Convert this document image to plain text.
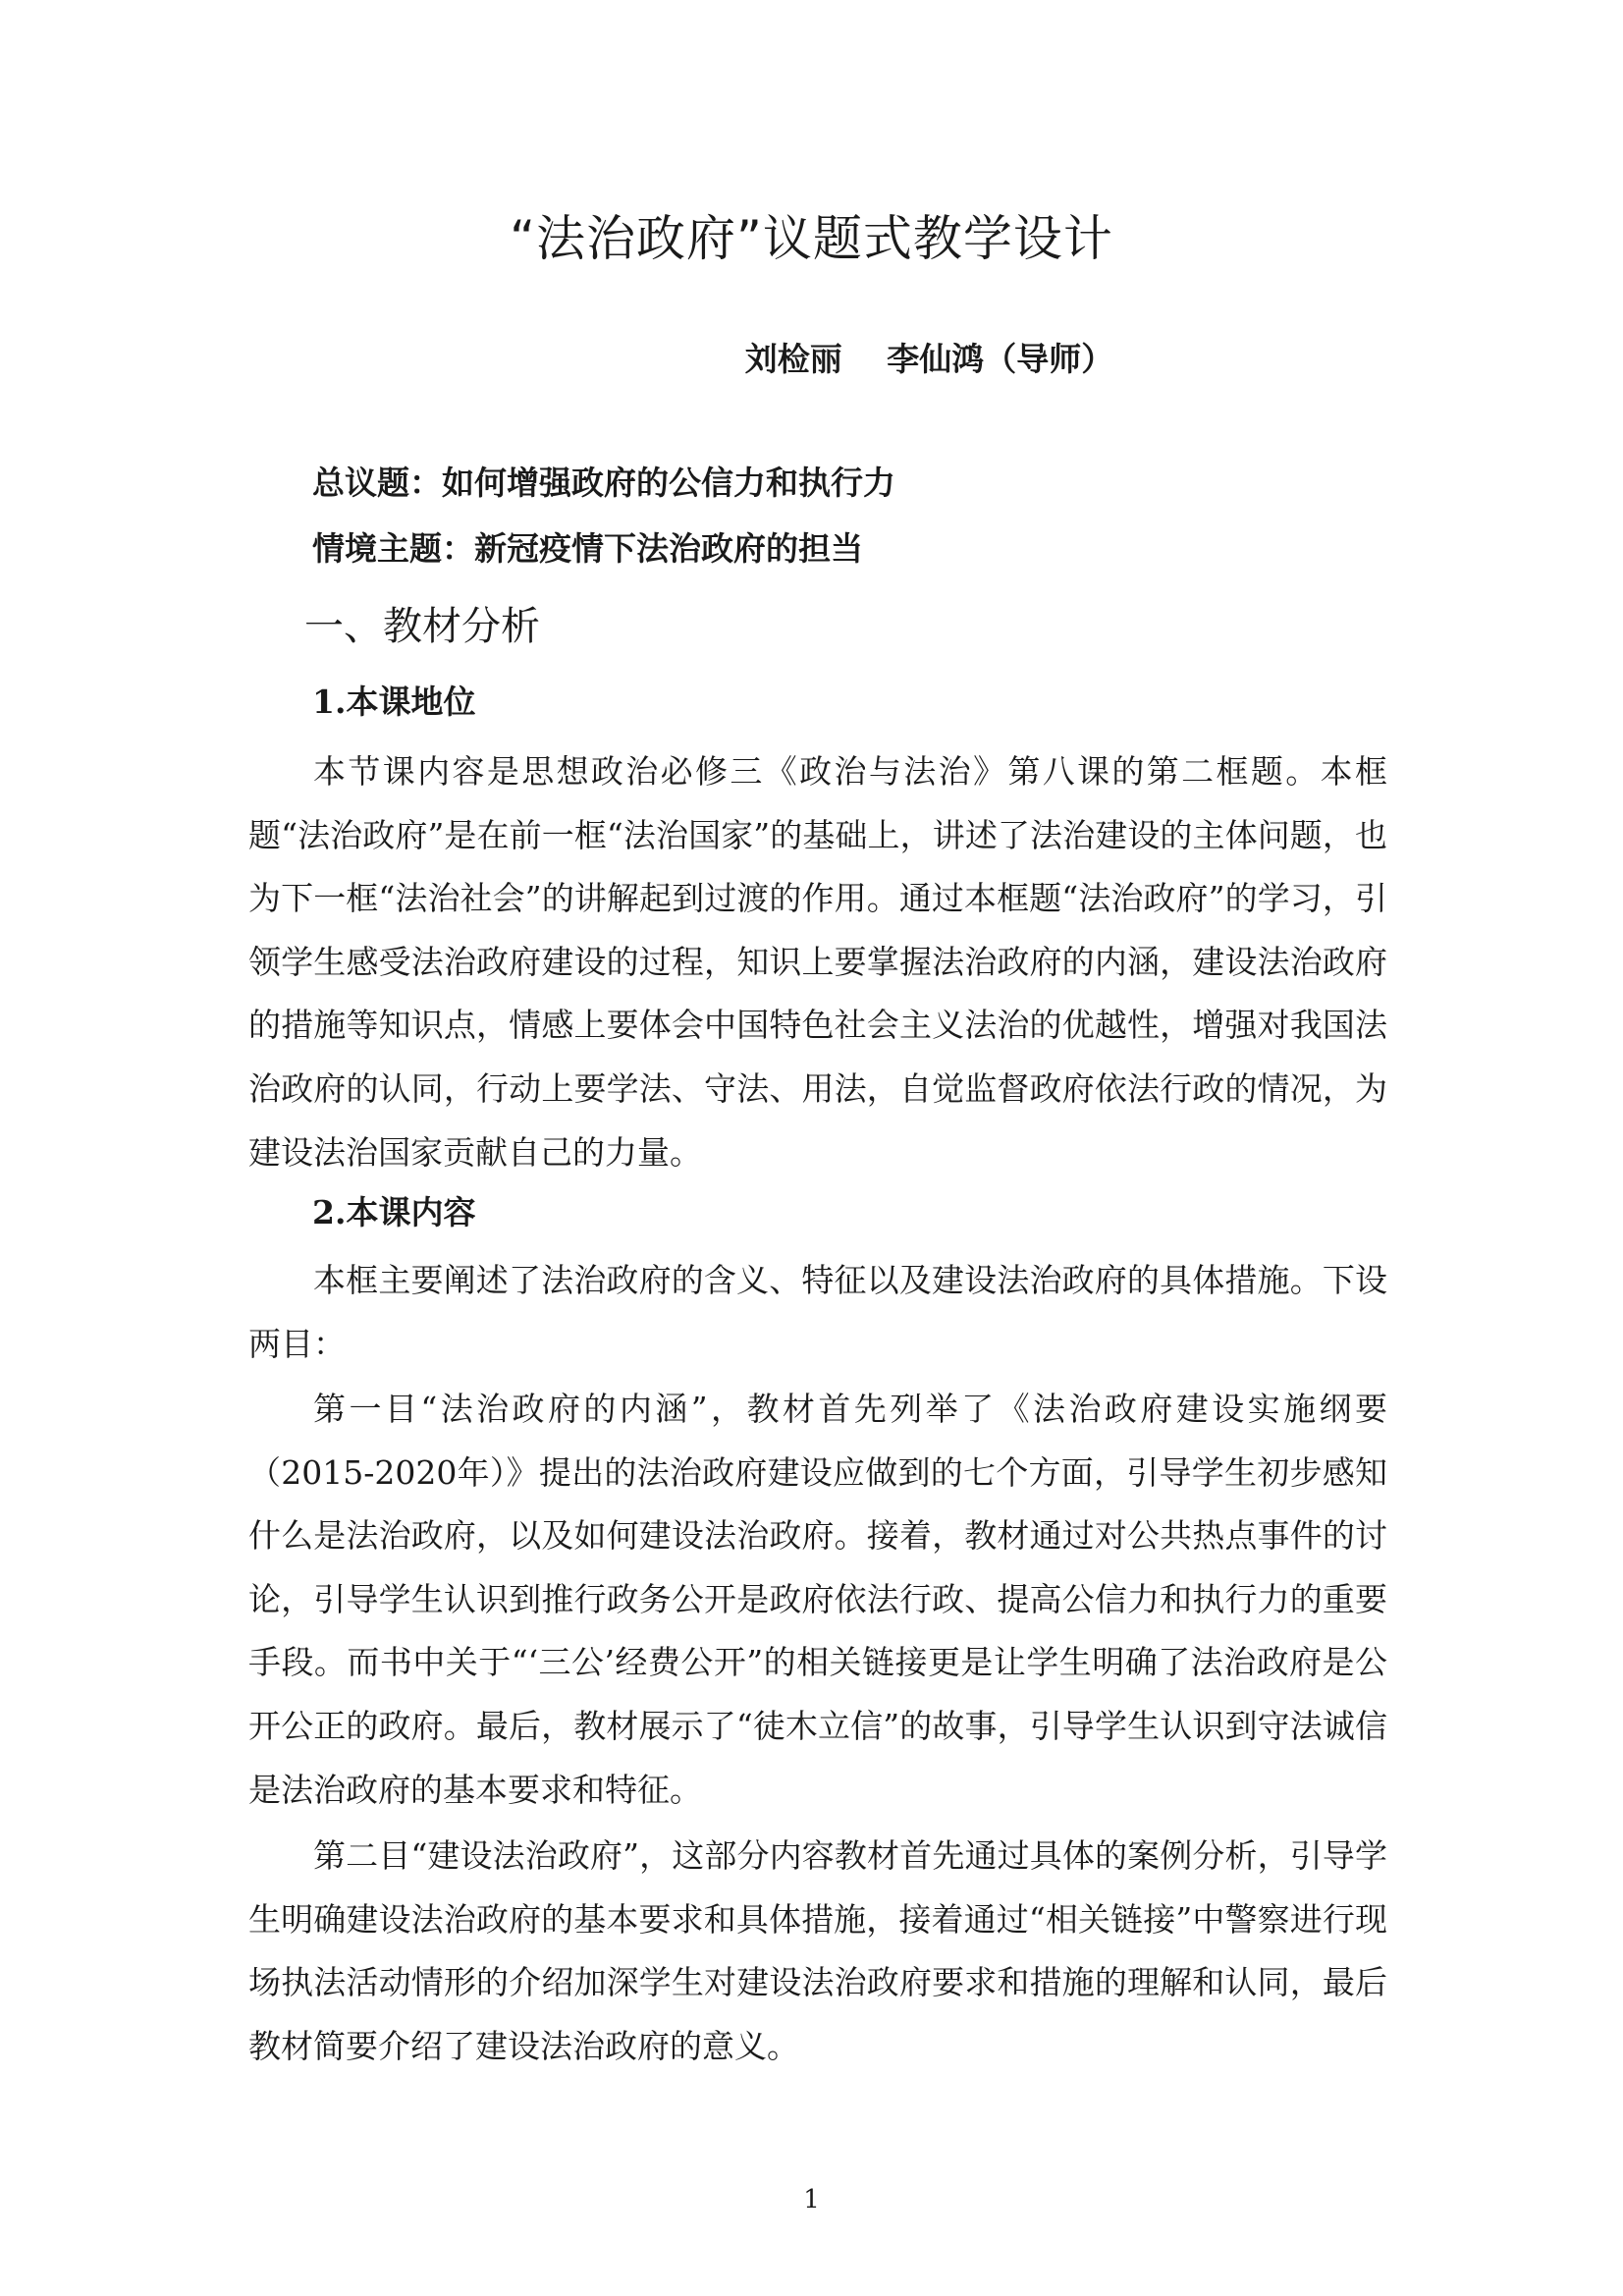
“法治政府”议题式教学设计
刘检丽 李仙鸿（导师）
总议题：如何增强政府的公信力和执行力
情境主题：新冠疫情下法治政府的担当
一、教材分析
1.本课地位

本节课内容是思想政治必修三《政治与法治》第八课的第二框题。本框题“法治政府”是在前一框“法治国家”的基础上，讲述了法治建设的主体问题，也为下一框“法治社会”的讲解起到过渡的作用。通过本框题“法治政府”的学习，引领学生感受法治政府建设的过程，知识上要掌握法治政府的内涵，建设法治政府的措施等知识点，情感上要体会中国特色社会主义法治的优越性，增强对我国法治政府的认同，行动上要学法、守法、用法，自觉监督政府依法行政的情况，为建设法治国家贡献自己的力量。

2.本课内容

本框主要阐述了法治政府的含义、特征以及建设法治政府的具体措施。下设两目：

第一目“法治政府的内涵”，教材首先列举了《法治政府建设实施纲要（2015-2020年）》提出的法治政府建设应做到的七个方面，引导学生初步感知什么是法治政府，以及如何建设法治政府。接着，教材通过对公共热点事件的讨论，引导学生认识到推行政务公开是政府依法行政、提高公信力和执行力的重要手段。而书中关于“‘三公’经费公开”的相关链接更是让学生明确了法治政府是公开公正的政府。最后，教材展示了“徒木立信”的故事，引导学生认识到守法诚信是法治政府的基本要求和特征。

第二目“建设法治政府”，这部分内容教材首先通过具体的案例分析，引导学生明确建设法治政府的基本要求和具体措施，接着通过“相关链接”中警察进行现场执法活动情形的介绍加深学生对建设法治政府要求和措施的理解和认同，最后教材简要介绍了建设法治政府的意义。

1
